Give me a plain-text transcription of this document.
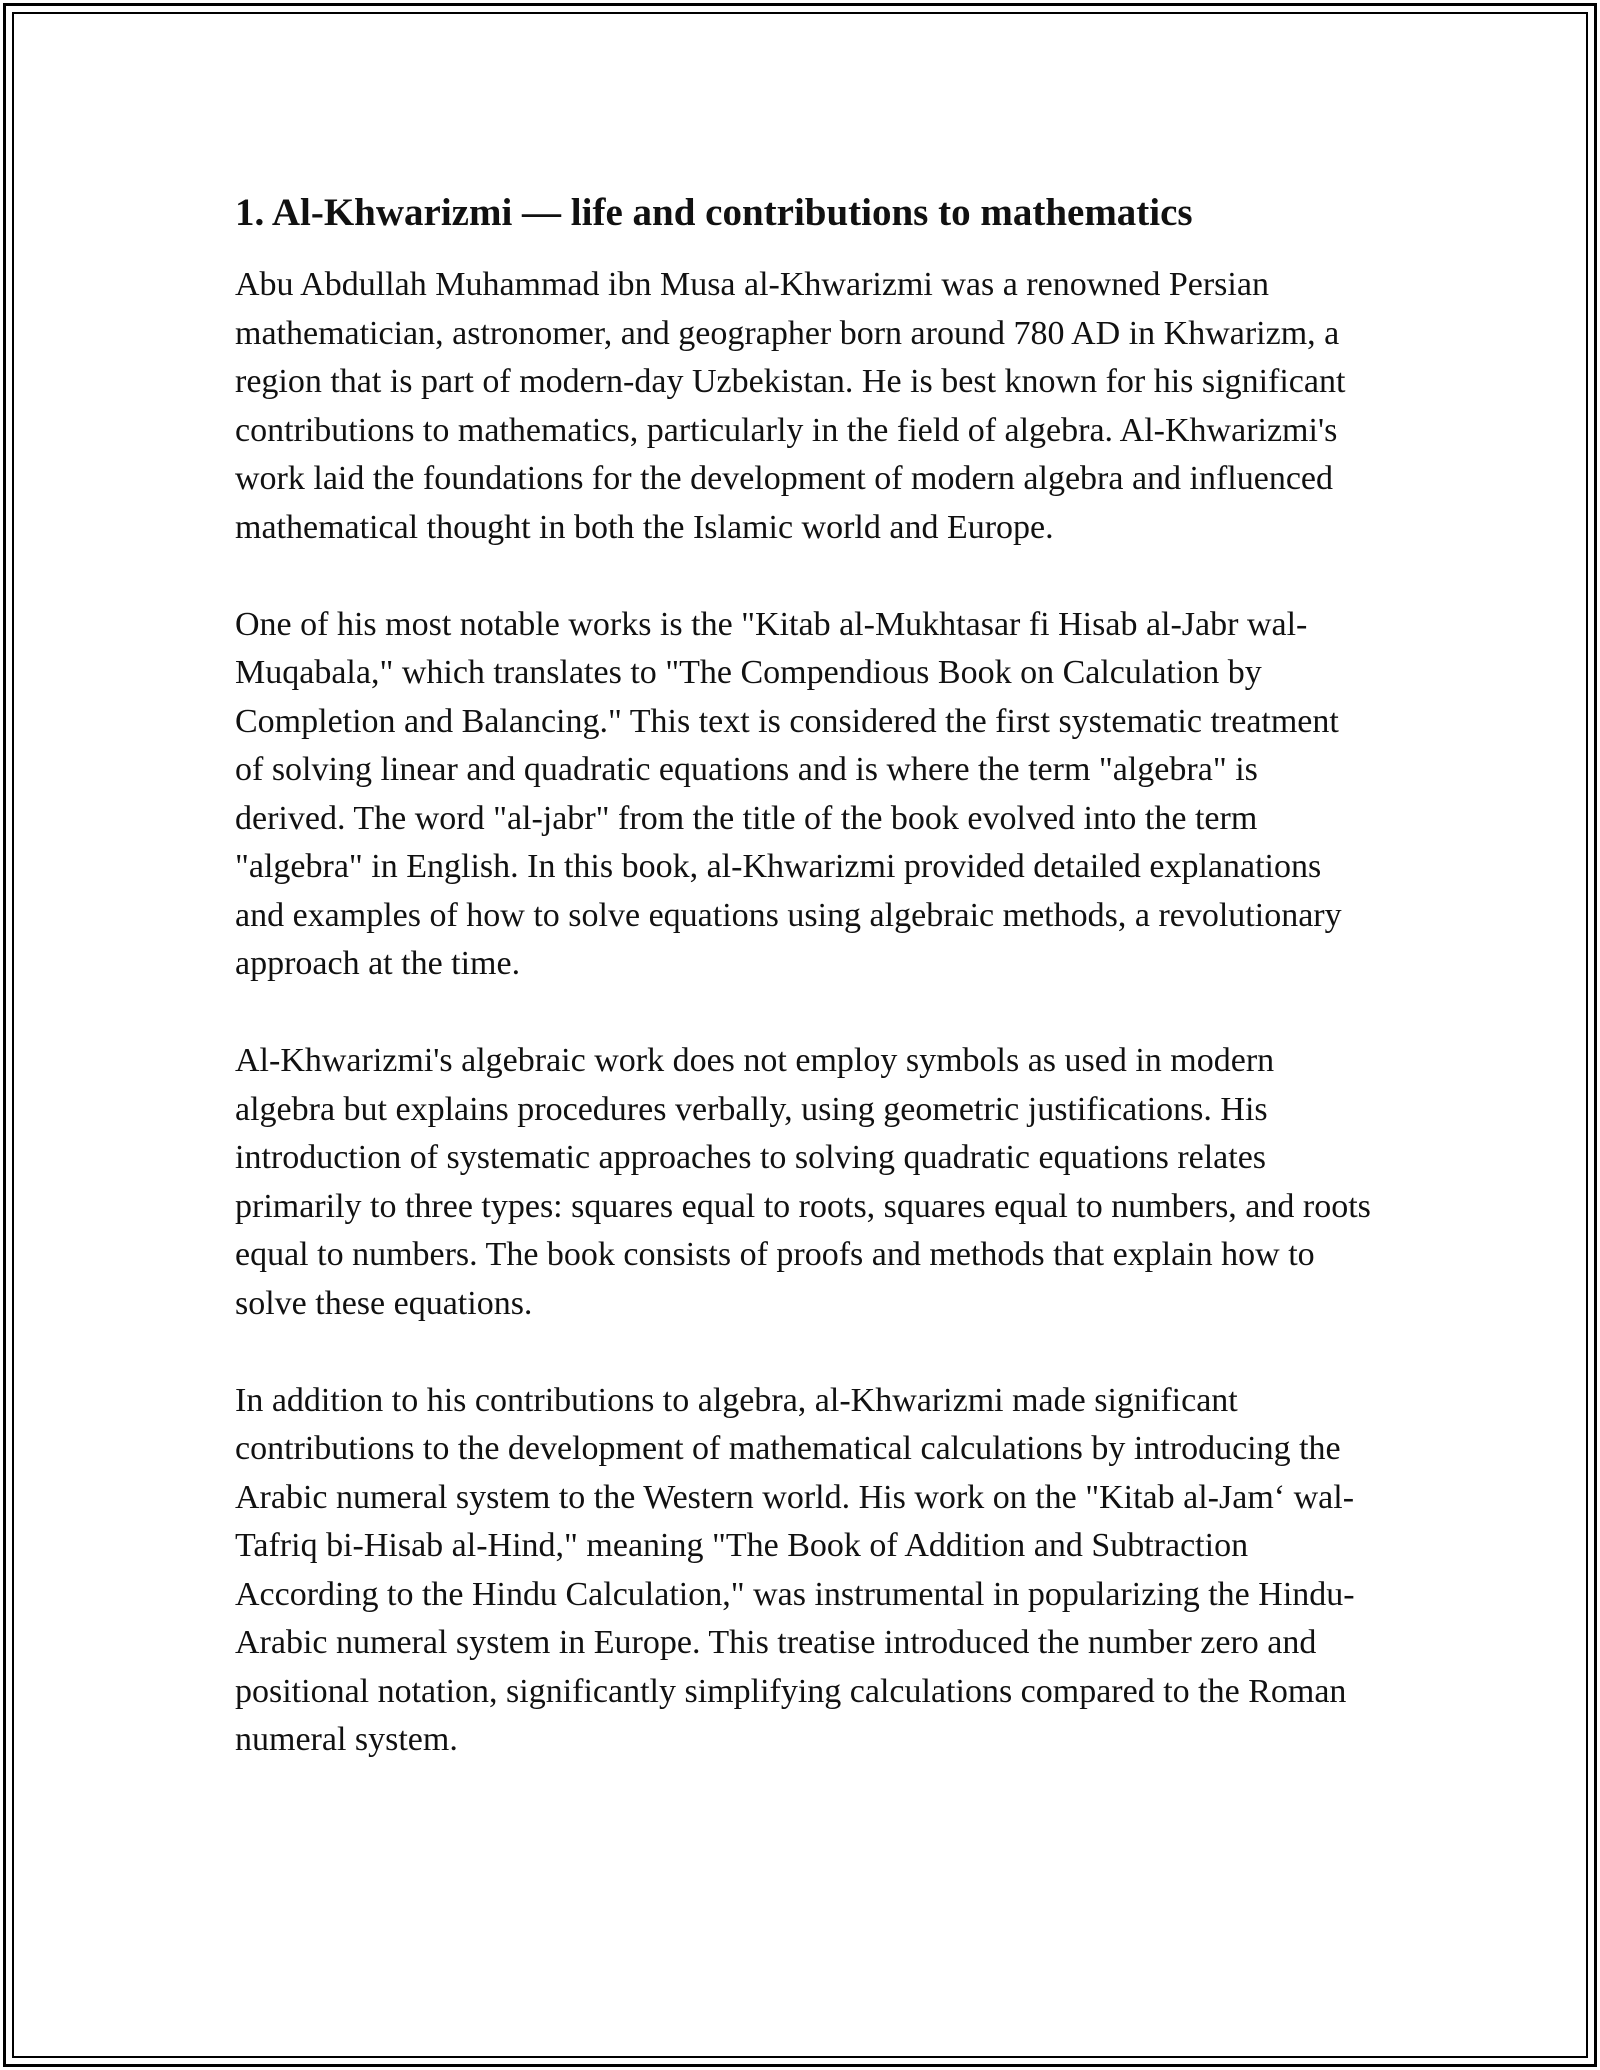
1. Al-Khwarizmi — life and contributions to mathematics

Abu Abdullah Muhammad ibn Musa al-Khwarizmi was a renowned Persian mathematician, astronomer, and geographer born around 780 AD in Khwarizm, a region that is part of modern-day Uzbekistan. He is best known for his significant contributions to mathematics, particularly in the field of algebra. Al-Khwarizmi's work laid the foundations for the development of modern algebra and influenced mathematical thought in both the Islamic world and Europe.

One of his most notable works is the "Kitab al-Mukhtasar fi Hisab al-Jabr wal-Muqabala," which translates to "The Compendious Book on Calculation by Completion and Balancing." This text is considered the first systematic treatment of solving linear and quadratic equations and is where the term "algebra" is derived. The word "al-jabr" from the title of the book evolved into the term "algebra" in English. In this book, al-Khwarizmi provided detailed explanations and examples of how to solve equations using algebraic methods, a revolutionary approach at the time.

Al-Khwarizmi's algebraic work does not employ symbols as used in modern algebra but explains procedures verbally, using geometric justifications. His introduction of systematic approaches to solving quadratic equations relates primarily to three types: squares equal to roots, squares equal to numbers, and roots equal to numbers. The book consists of proofs and methods that explain how to solve these equations.

In addition to his contributions to algebra, al-Khwarizmi made significant contributions to the development of mathematical calculations by introducing the Arabic numeral system to the Western world. His work on the "Kitab al-Jam‘ wal-Tafriq bi-Hisab al-Hind," meaning "The Book of Addition and Subtraction According to the Hindu Calculation," was instrumental in popularizing the Hindu-Arabic numeral system in Europe. This treatise introduced the number zero and positional notation, significantly simplifying calculations compared to the Roman numeral system.
